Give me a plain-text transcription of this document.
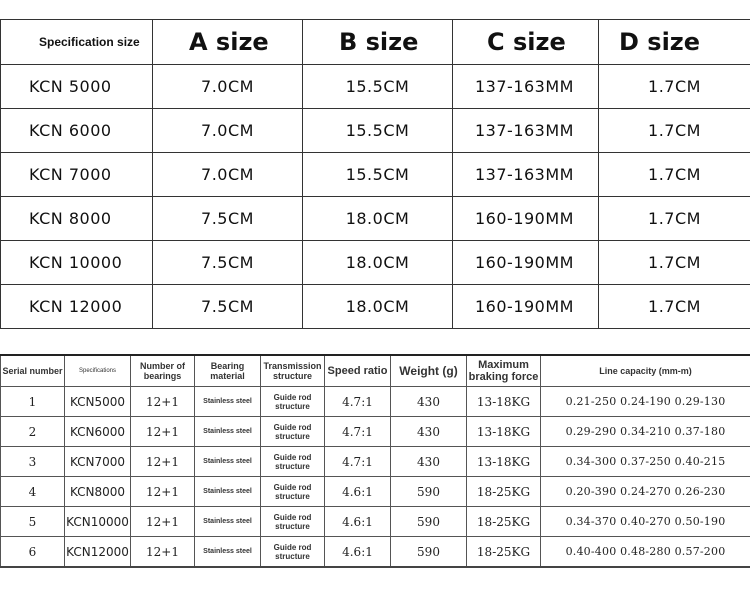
Specification size	A size	B size	C size	D size
KCN 5000	7.0CM	15.5CM	137-163MM	1.7CM
KCN 6000	7.0CM	15.5CM	137-163MM	1.7CM
KCN 7000	7.0CM	15.5CM	137-163MM	1.7CM
KCN 8000	7.5CM	18.0CM	160-190MM	1.7CM
KCN 10000	7.5CM	18.0CM	160-190MM	1.7CM
KCN 12000	7.5CM	18.0CM	160-190MM	1.7CM
Serial number	Specifications	Number of bearings	Bearing material	Transmission structure	Speed ratio	Weight (g)	Maximum braking force	Line capacity (mm-m)
1	KCN5000	12+1	Stainless steel	Guide rod structure	4.7:1	430	13-18KG	0.21-250 0.24-190 0.29-130
2	KCN6000	12+1	Stainless steel	Guide rod structure	4.7:1	430	13-18KG	0.29-290 0.34-210 0.37-180
3	KCN7000	12+1	Stainless steel	Guide rod structure	4.7:1	430	13-18KG	0.34-300 0.37-250 0.40-215
4	KCN8000	12+1	Stainless steel	Guide rod structure	4.6:1	590	18-25KG	0.20-390 0.24-270 0.26-230
5	KCN10000	12+1	Stainless steel	Guide rod structure	4.6:1	590	18-25KG	0.34-370 0.40-270 0.50-190
6	KCN12000	12+1	Stainless steel	Guide rod structure	4.6:1	590	18-25KG	0.40-400 0.48-280 0.57-200
